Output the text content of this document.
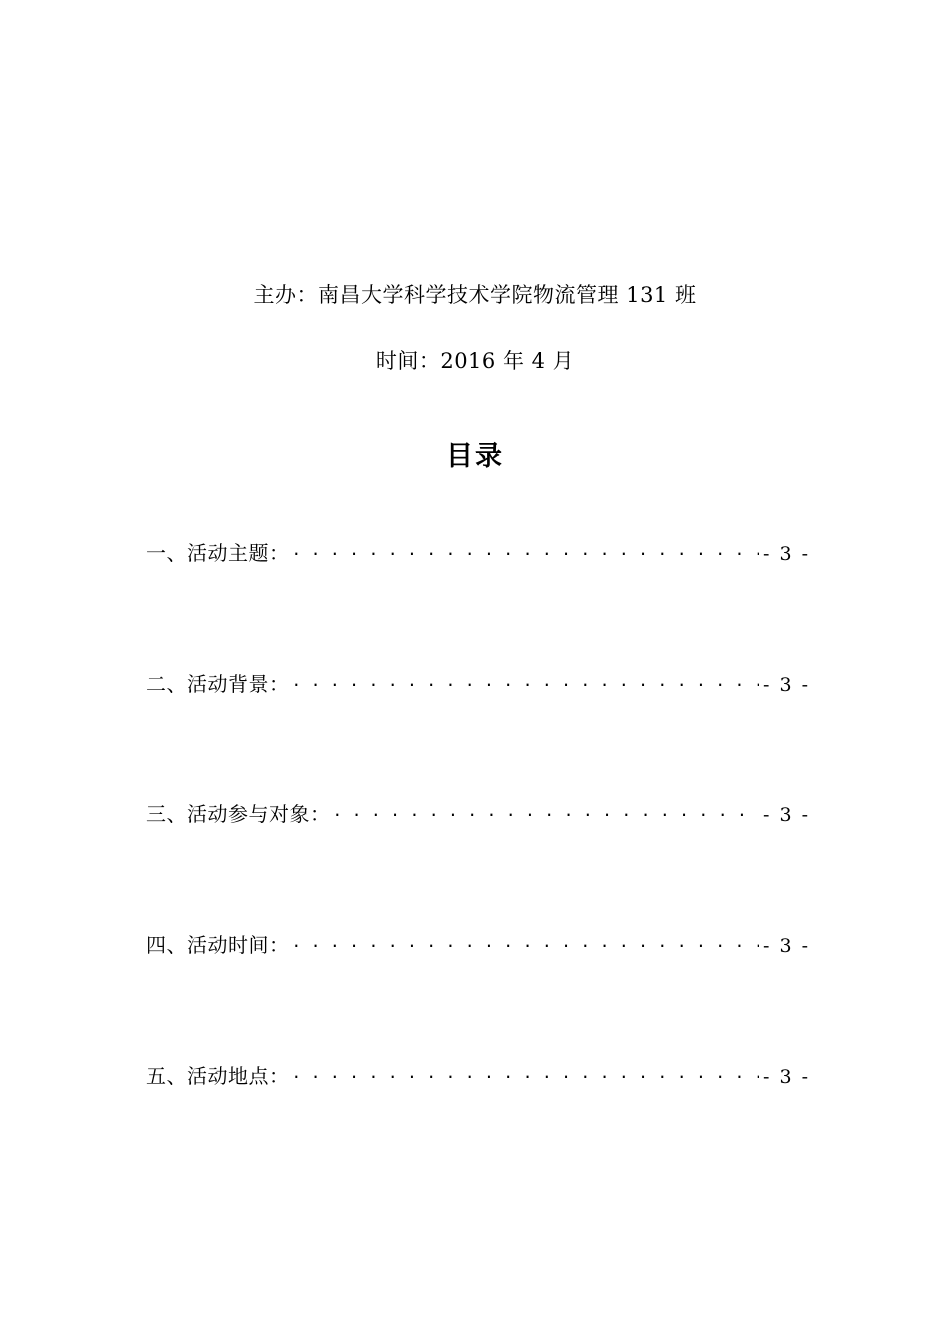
主办：南昌大学科学技术学院物流管理 131 班
时间：2016 年 4 月
目录
一、活动主题： . . .	- 3 -
二、活动背景： . . .	- 3 -
三、活动参与对象： . . .	- 3 -
四、活动时间： . . .	- 3 -
五、活动地点： . . .	- 3 -
